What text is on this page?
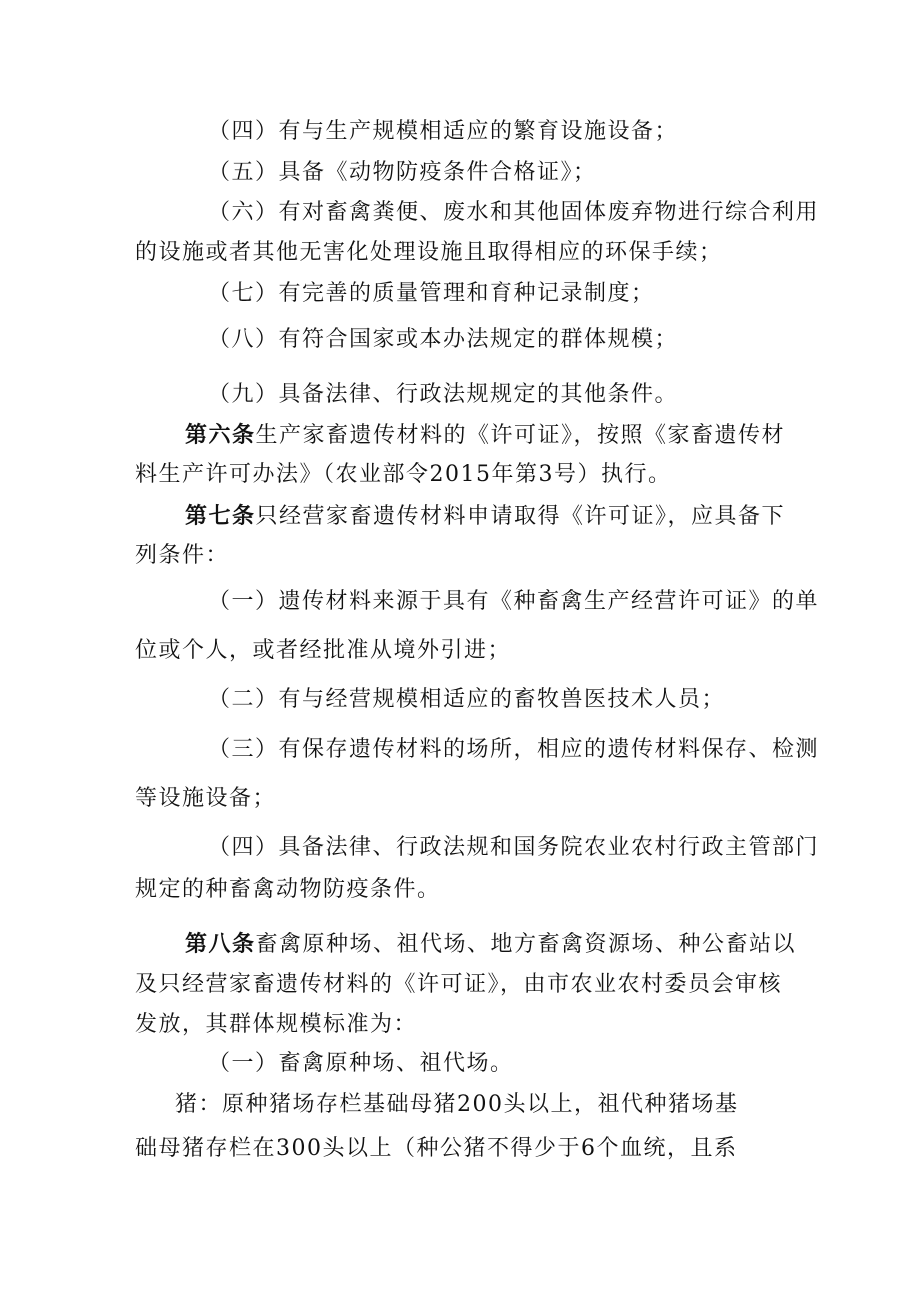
（四）有与生产规模相适应的繁育设施设备；
（五）具备《动物防疫条件合格证》；
（六）有对畜禽粪便、废水和其他固体废弃物进行综合利用
的设施或者其他无害化处理设施且取得相应的环保手续；
（七）有完善的质量管理和育种记录制度；
（八）有符合国家或本办法规定的群体规模；
（九）具备法律、行政法规规定的其他条件。
第六条生产家畜遗传材料的《许可证》，按照《家畜遗传材
料生产许可办法》（农业部令2015年第3号）执行。
第七条只经营家畜遗传材料申请取得《许可证》，应具备下
列条件：
（一）遗传材料来源于具有《种畜禽生产经营许可证》的单
位或个人，或者经批准从境外引进；
（二）有与经营规模相适应的畜牧兽医技术人员；
（三）有保存遗传材料的场所，相应的遗传材料保存、检测
等设施设备；
（四）具备法律、行政法规和国务院农业农村行政主管部门
规定的种畜禽动物防疫条件。
第八条畜禽原种场、祖代场、地方畜禽资源场、种公畜站以
及只经营家畜遗传材料的《许可证》，由市农业农村委员会审核
发放，其群体规模标准为：
（一）畜禽原种场、祖代场。
猪：原种猪场存栏基础母猪200头以上，祖代种猪场基
础母猪存栏在300头以上（种公猪不得少于6个血统，且系
